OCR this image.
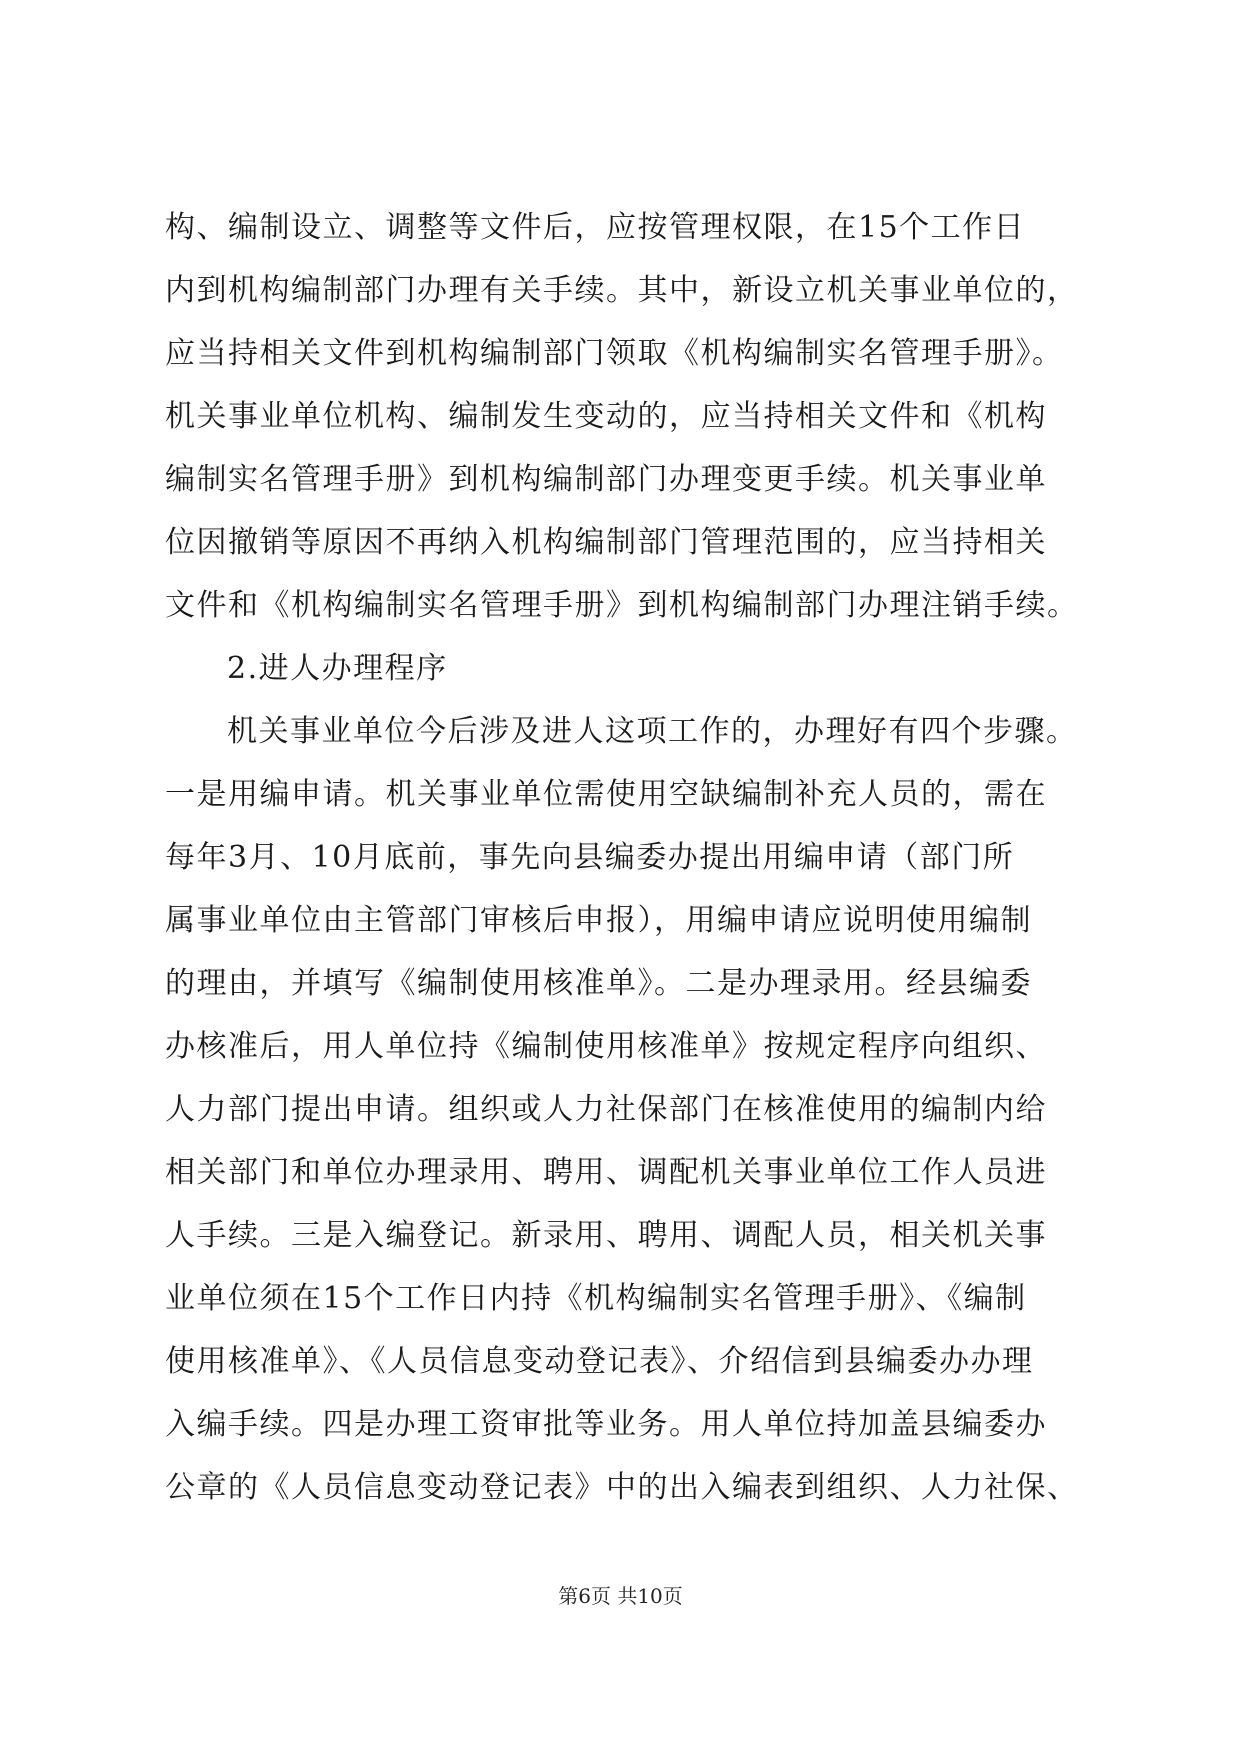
构、编制设立、调整等文件后，应按管理权限，在15个工作日
内到机构编制部门办理有关手续。其中，新设立机关事业单位的，
应当持相关文件到机构编制部门领取《机构编制实名管理手册》。
机关事业单位机构、编制发生变动的，应当持相关文件和《机构
编制实名管理手册》到机构编制部门办理变更手续。机关事业单
位因撤销等原因不再纳入机构编制部门管理范围的，应当持相关
文件和《机构编制实名管理手册》到机构编制部门办理注销手续。
2.进人办理程序
机关事业单位今后涉及进人这项工作的，办理好有四个步骤。
一是用编申请。机关事业单位需使用空缺编制补充人员的，需在
每年3月、10月底前，事先向县编委办提出用编申请（部门所
属事业单位由主管部门审核后申报），用编申请应说明使用编制
的理由，并填写《编制使用核准单》。二是办理录用。经县编委
办核准后，用人单位持《编制使用核准单》按规定程序向组织、
人力部门提出申请。组织或人力社保部门在核准使用的编制内给
相关部门和单位办理录用、聘用、调配机关事业单位工作人员进
人手续。三是入编登记。新录用、聘用、调配人员，相关机关事
业单位须在15个工作日内持《机构编制实名管理手册》、《编制
使用核准单》、《人员信息变动登记表》、介绍信到县编委办办理
入编手续。四是办理工资审批等业务。用人单位持加盖县编委办
公章的《人员信息变动登记表》中的出入编表到组织、人力社保、
第6页 共10页
